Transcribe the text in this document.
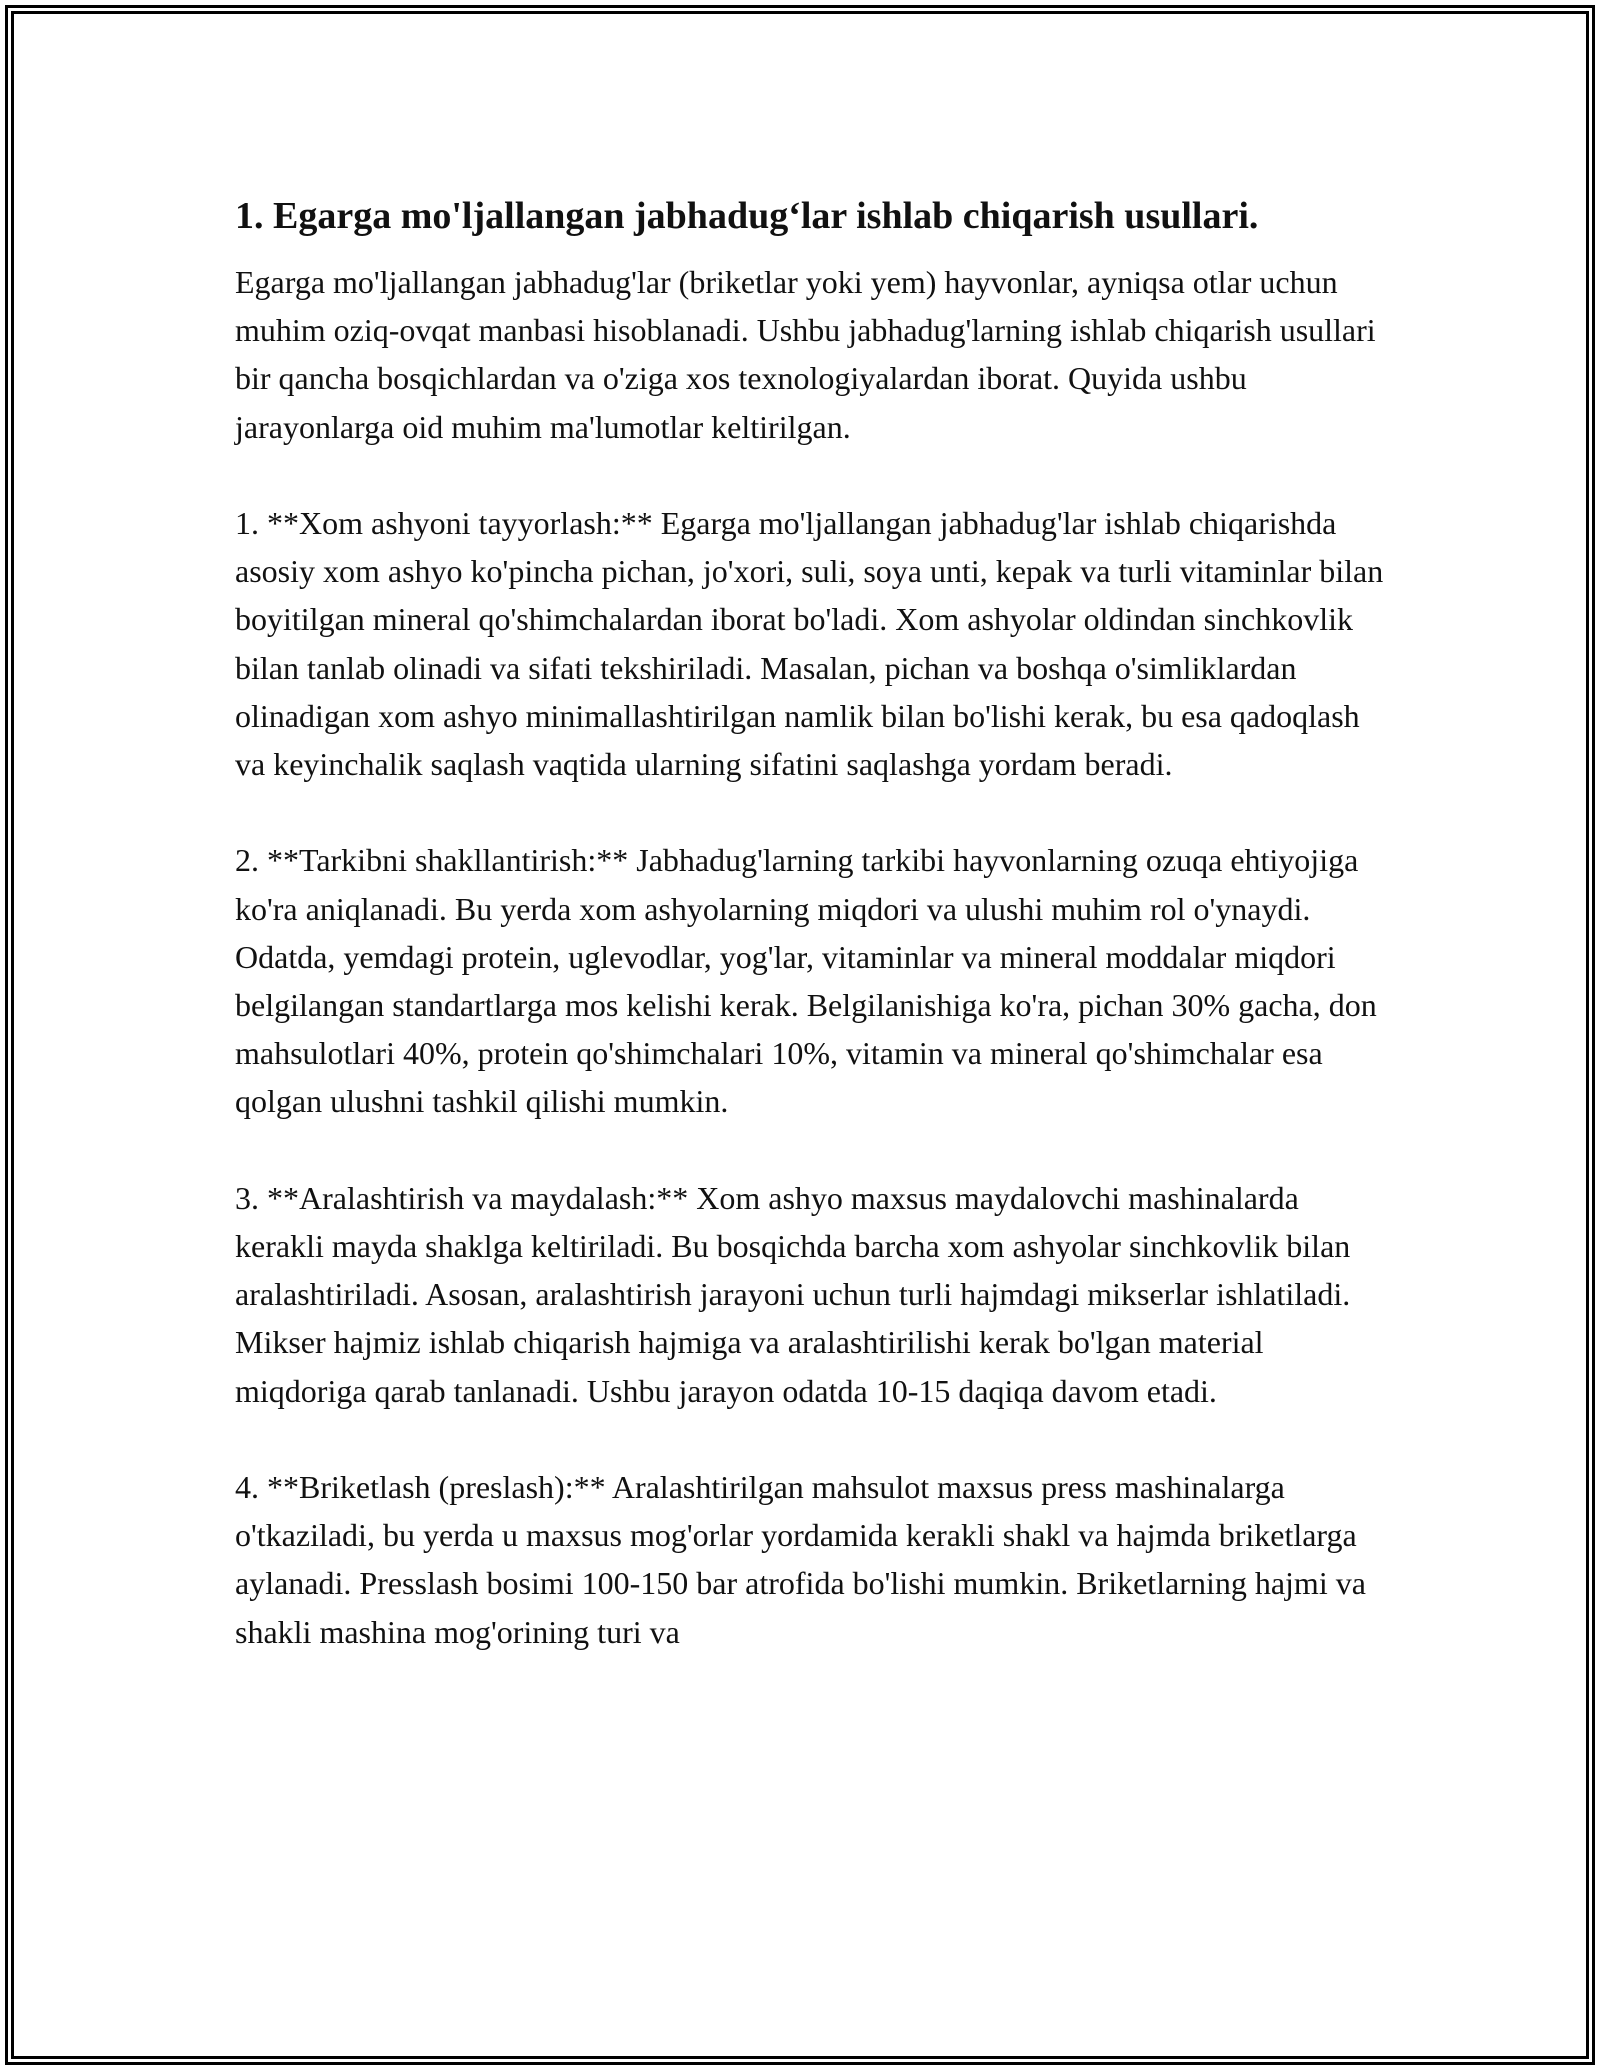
1. Egarga mo'ljallangan jabhadug‘lar ishlab chiqarish usullari.

Egarga mo'ljallangan jabhadug'lar (briketlar yoki yem) hayvonlar, ayniqsa otlar uchun muhim oziq-ovqat manbasi hisoblanadi. Ushbu jabhadug'larning ishlab chiqarish usullari bir qancha bosqichlardan va o'ziga xos texnologiyalardan iborat. Quyida ushbu jarayonlarga oid muhim ma'lumotlar keltirilgan.

1. **Xom ashyoni tayyorlash:** Egarga mo'ljallangan jabhadug'lar ishlab chiqarishda asosiy xom ashyo ko'pincha pichan, jo'xori, suli, soya unti, kepak va turli vitaminlar bilan boyitilgan mineral qo'shimchalardan iborat bo'ladi. Xom ashyolar oldindan sinchkovlik bilan tanlab olinadi va sifati tekshiriladi. Masalan, pichan va boshqa o'simliklardan olinadigan xom ashyo minimallashtirilgan namlik bilan bo'lishi kerak, bu esa qadoqlash va keyinchalik saqlash vaqtida ularning sifatini saqlashga yordam beradi.

2. **Tarkibni shakllantirish:** Jabhadug'larning tarkibi hayvonlarning ozuqa ehtiyojiga ko'ra aniqlanadi. Bu yerda xom ashyolarning miqdori va ulushi muhim rol o'ynaydi. Odatda, yemdagi protein, uglevodlar, yog'lar, vitaminlar va mineral moddalar miqdori belgilangan standartlarga mos kelishi kerak. Belgilanishiga ko'ra, pichan 30% gacha, don mahsulotlari 40%, protein qo'shimchalari 10%, vitamin va mineral qo'shimchalar esa qolgan ulushni tashkil qilishi mumkin.

3. **Aralashtirish va maydalash:** Xom ashyo maxsus maydalovchi mashinalarda kerakli mayda shaklga keltiriladi. Bu bosqichda barcha xom ashyolar sinchkovlik bilan aralashtiriladi. Asosan, aralashtirish jarayoni uchun turli hajmdagi mikserlar ishlatiladi. Mikser hajmiz ishlab chiqarish hajmiga va aralashtirilishi kerak bo'lgan material miqdoriga qarab tanlanadi. Ushbu jarayon odatda 10-15 daqiqa davom etadi.

4. **Briketlash (preslash):** Aralashtirilgan mahsulot maxsus press mashinalarga o'tkaziladi, bu yerda u maxsus mog'orlar yordamida kerakli shakl va hajmda briketlarga aylanadi. Presslash bosimi 100-150 bar atrofida bo'lishi mumkin. Briketlarning hajmi va shakli mashina mog'orining turi va
